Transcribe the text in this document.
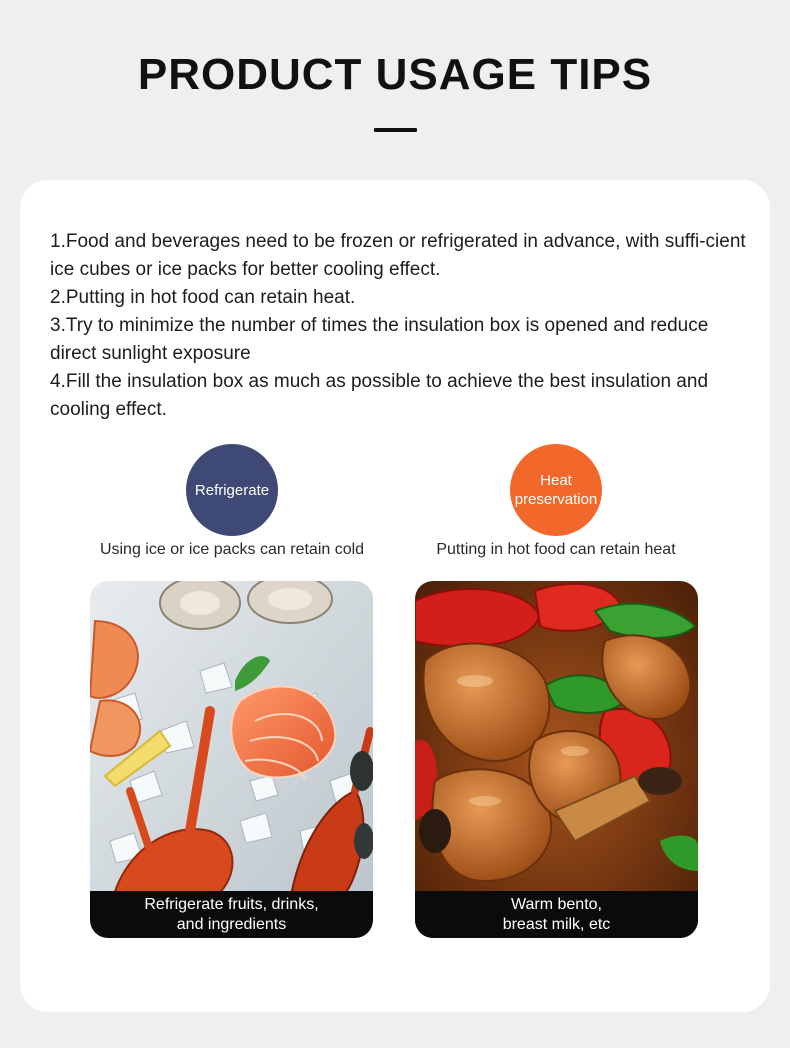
PRODUCT USAGE TIPS

1.Food and beverages need to be frozen or refrigerated in advance, with suffi-cient ice cubes or ice packs for better cooling effect.

2.Putting in hot food can retain heat.

3.Try to minimize the number of times the insulation box is opened and reduce direct sunlight exposure

4.Fill the insulation box as much as possible to achieve the best insulation and cooling effect.

Refrigerate
Heat
preservation
Using ice or ice packs can retain cold	Putting in hot food can retain heat
Refrigerate fruits, drinks,
and ingredients
Warm bento,
breast milk, etc
